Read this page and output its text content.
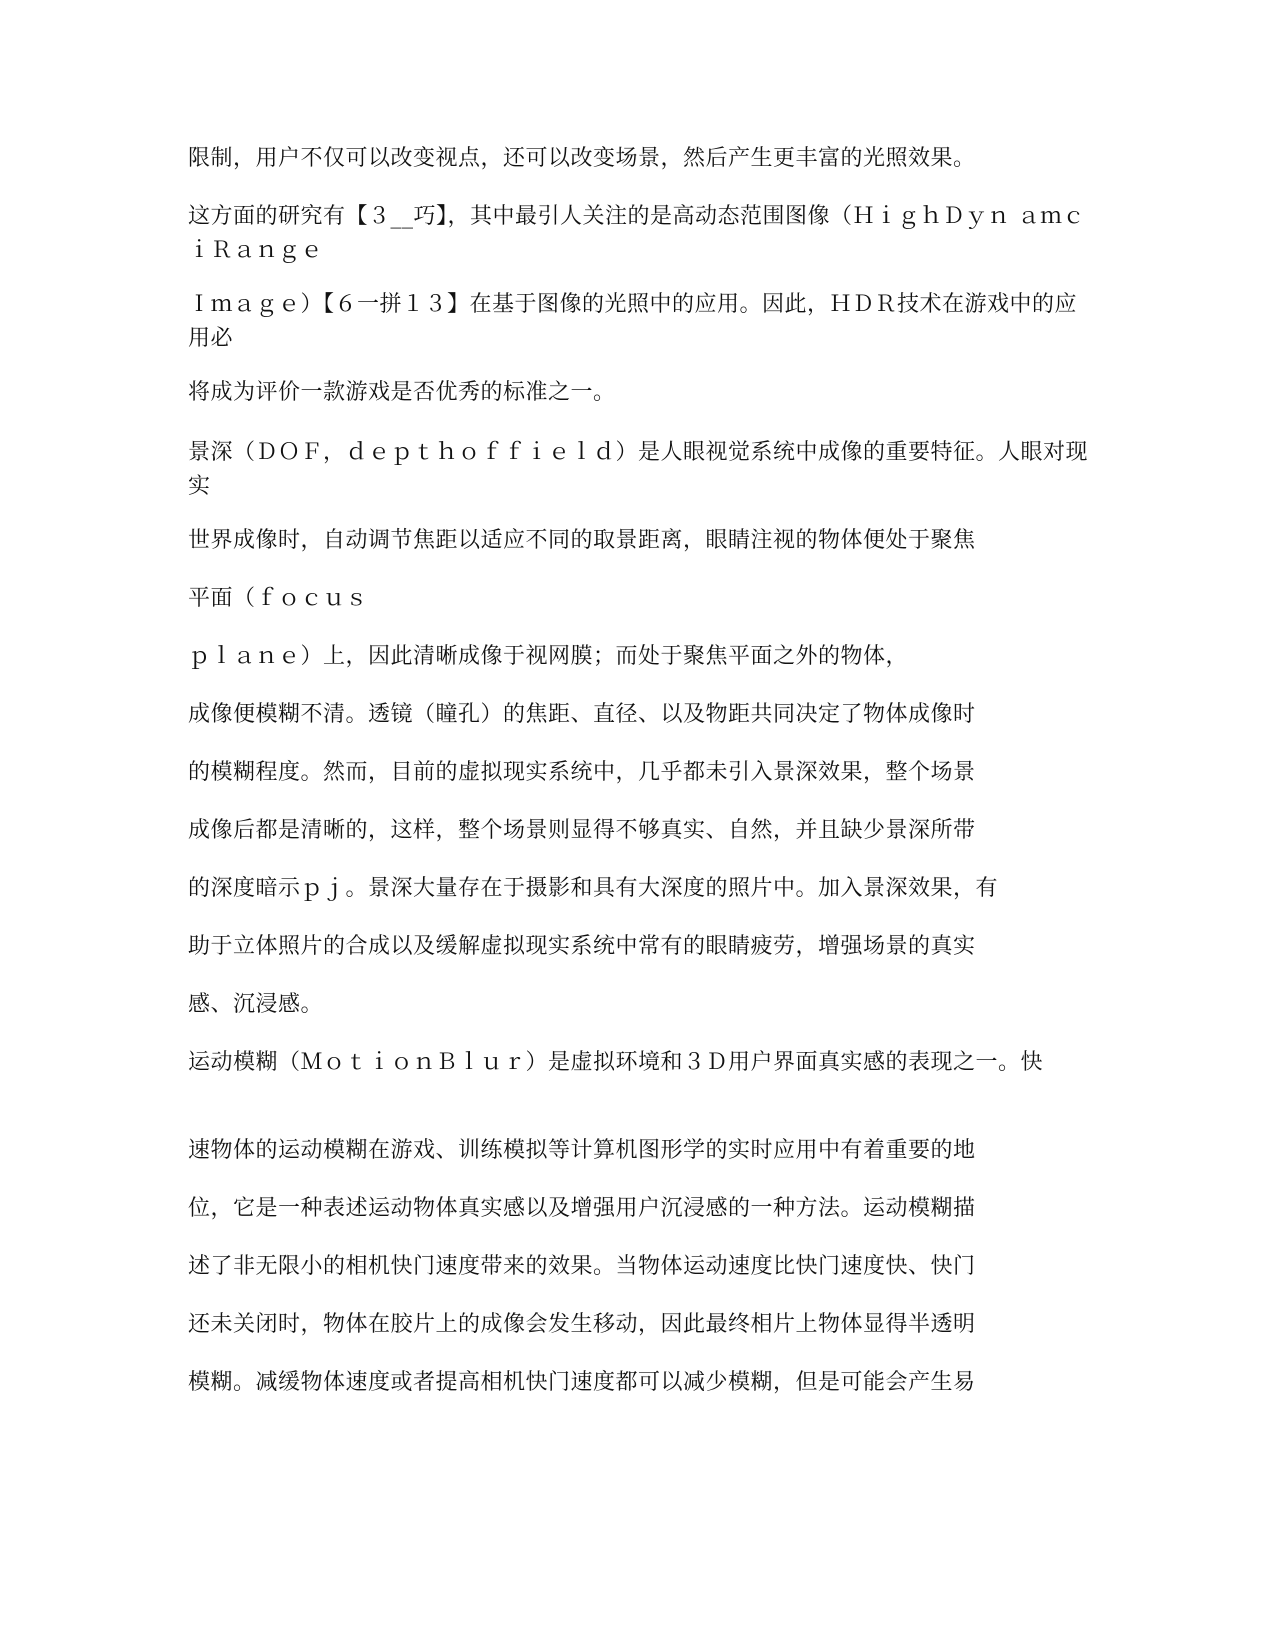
限制，用户不仅可以改变视点，还可以改变场景，然后产生更丰富的光照效果。

这方面的研究有【３__巧】，其中最引人关注的是高动态范围图像（ＨｉｇｈＤｙｎ ａｍｃｉＲａｎｇｅ

Ｉｍａｇｅ）【６一拼１３】在基于图像的光照中的应用。因此，ＨＤＲ技术在游戏中的应用必

将成为评价一款游戏是否优秀的标准之一。

景深（ＤＯＦ，ｄｅｐｔｈｏｆｆｉｅｌｄ）是人眼视觉系统中成像的重要特征。人眼对现实

世界成像时，自动调节焦距以适应不同的取景距离，眼睛注视的物体便处于聚焦

平面（ｆｏｃｕｓ

ｐｌａｎｅ）上，因此清晰成像于视网膜；而处于聚焦平面之外的物体，

成像便模糊不清。透镜（瞳孔）的焦距、直径、以及物距共同决定了物体成像时

的模糊程度。然而，目前的虚拟现实系统中，几乎都未引入景深效果，整个场景

成像后都是清晰的，这样，整个场景则显得不够真实、自然，并且缺少景深所带

的深度暗示ｐｊ。景深大量存在于摄影和具有大深度的照片中。加入景深效果，有

助于立体照片的合成以及缓解虚拟现实系统中常有的眼睛疲劳，增强场景的真实

感、沉浸感。

运动模糊（ＭｏｔｉｏｎＢｌｕｒ）是虚拟环境和３Ｄ用户界面真实感的表现之一。快

速物体的运动模糊在游戏、训练模拟等计算机图形学的实时应用中有着重要的地

位，它是一种表述运动物体真实感以及增强用户沉浸感的一种方法。运动模糊描

述了非无限小的相机快门速度带来的效果。当物体运动速度比快门速度快、快门

还未关闭时，物体在胶片上的成像会发生移动，因此最终相片上物体显得半透明

模糊。减缓物体速度或者提高相机快门速度都可以减少模糊，但是可能会产生易
